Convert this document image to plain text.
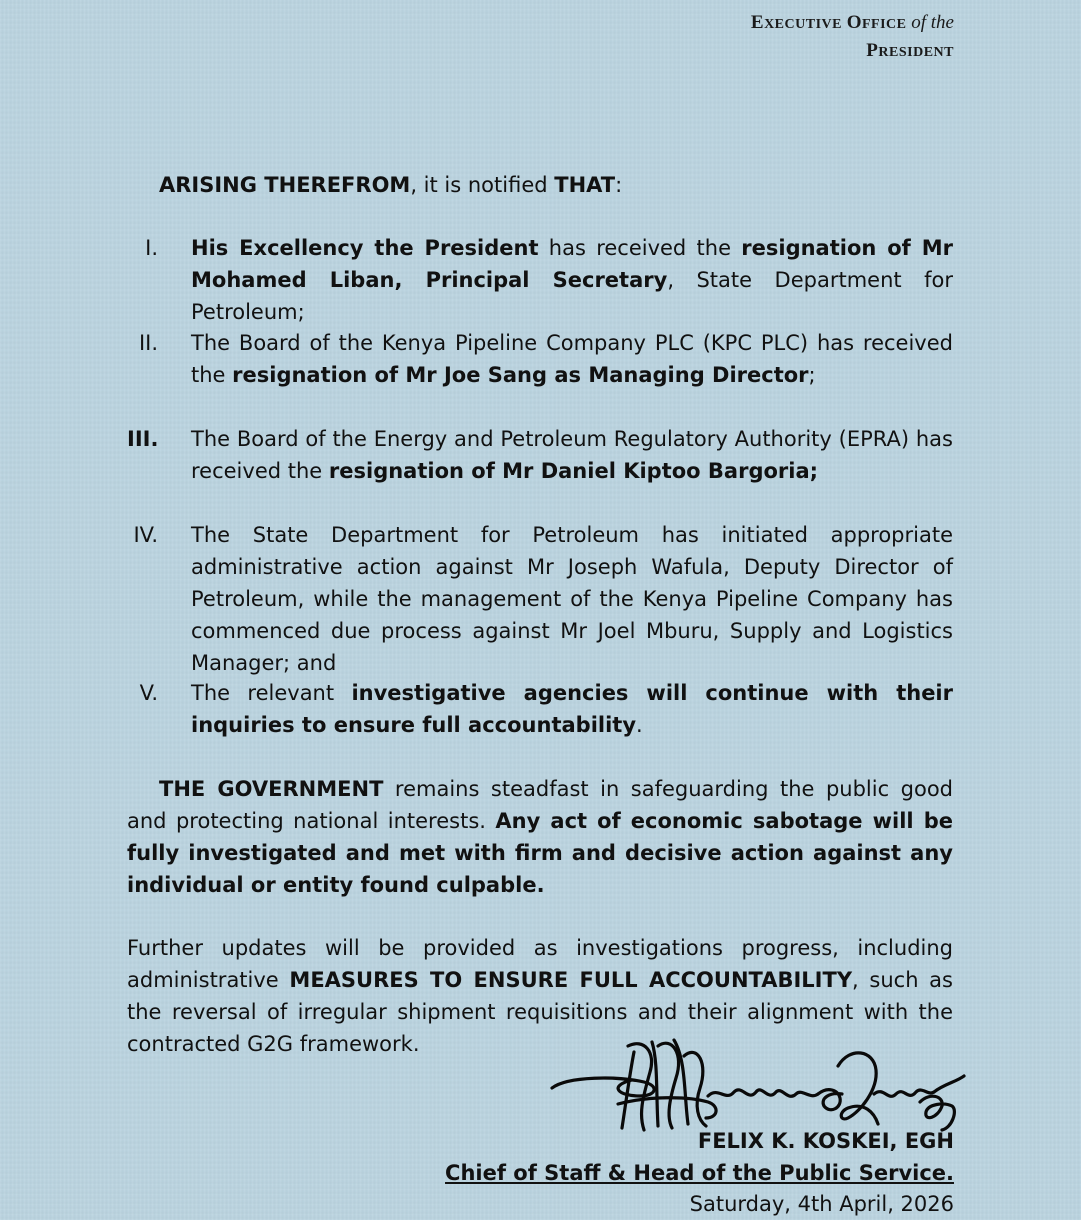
EXECUTIVE OFFICE of the
PRESIDENT
ARISING THEREFROM, it is notified THAT:
I. His Excellency the President has received the resignation of Mr Mohamed Liban, Principal Secretary, State Department for Petroleum;
II. The Board of the Kenya Pipeline Company PLC (KPC PLC) has received the resignation of Mr Joe Sang as Managing Director;
III. The Board of the Energy and Petroleum Regulatory Authority (EPRA) has received the resignation of Mr Daniel Kiptoo Bargoria;
IV. The State Department for Petroleum has initiated appropriate administrative action against Mr Joseph Wafula, Deputy Director of Petroleum, while the management of the Kenya Pipeline Company has commenced due process against Mr Joel Mburu, Supply and Logistics Manager; and
V. The relevant investigative agencies will continue with their inquiries to ensure full accountability.
THE GOVERNMENT remains steadfast in safeguarding the public good and protecting national interests. Any act of economic sabotage will be fully investigated and met with firm and decisive action against any individual or entity found culpable.
Further updates will be provided as investigations progress, including administrative MEASURES TO ENSURE FULL ACCOUNTABILITY, such as the reversal of irregular shipment requisitions and their alignment with the contracted G2G framework.
FELIX K. KOSKEI, EGH
Chief of Staff & Head of the Public Service.
Saturday, 4th April, 2026
